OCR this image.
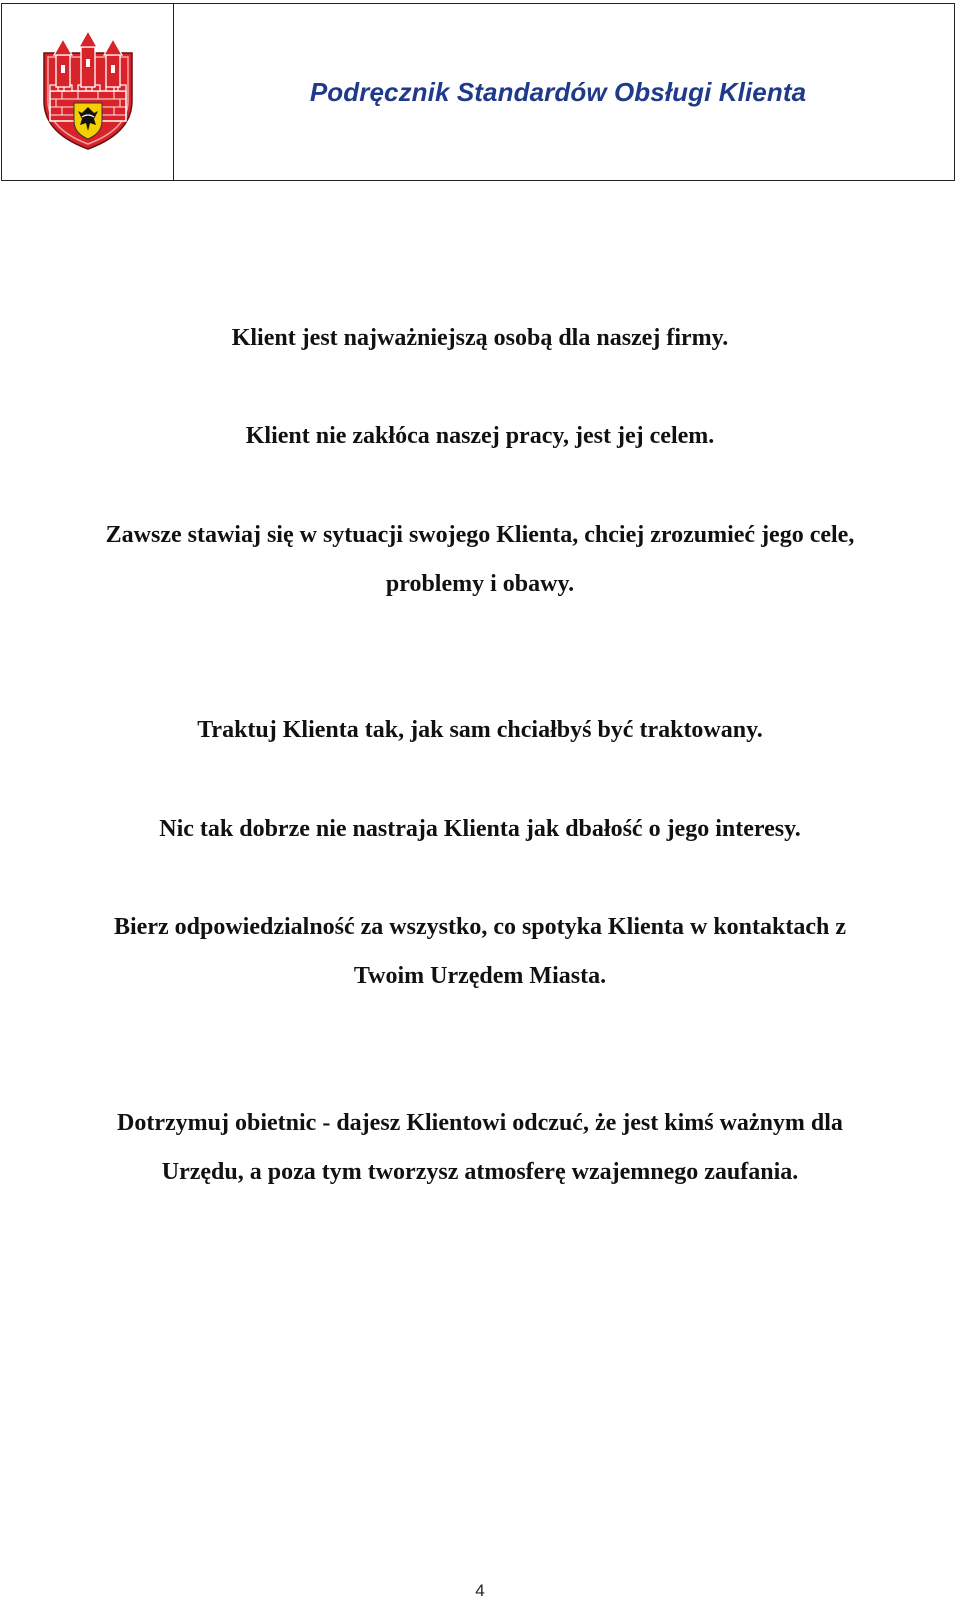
Podręcznik Standardów Obsługi Klienta
Klient jest najważniejszą osobą dla naszej firmy.
Klient nie zakłóca naszej pracy, jest jej celem.
Zawsze stawiaj się w sytuacji swojego Klienta, chciej zrozumieć jego cele,
problemy i obawy.
Traktuj Klienta tak, jak sam chciałbyś być traktowany.
Nic tak dobrze nie nastraja Klienta jak dbałość o jego interesy.
Bierz odpowiedzialność za wszystko, co spotyka Klienta w kontaktach z
Twoim Urzędem Miasta.
Dotrzymuj obietnic - dajesz Klientowi odczuć, że jest kimś ważnym dla
Urzędu, a poza tym tworzysz atmosferę wzajemnego zaufania.
4
